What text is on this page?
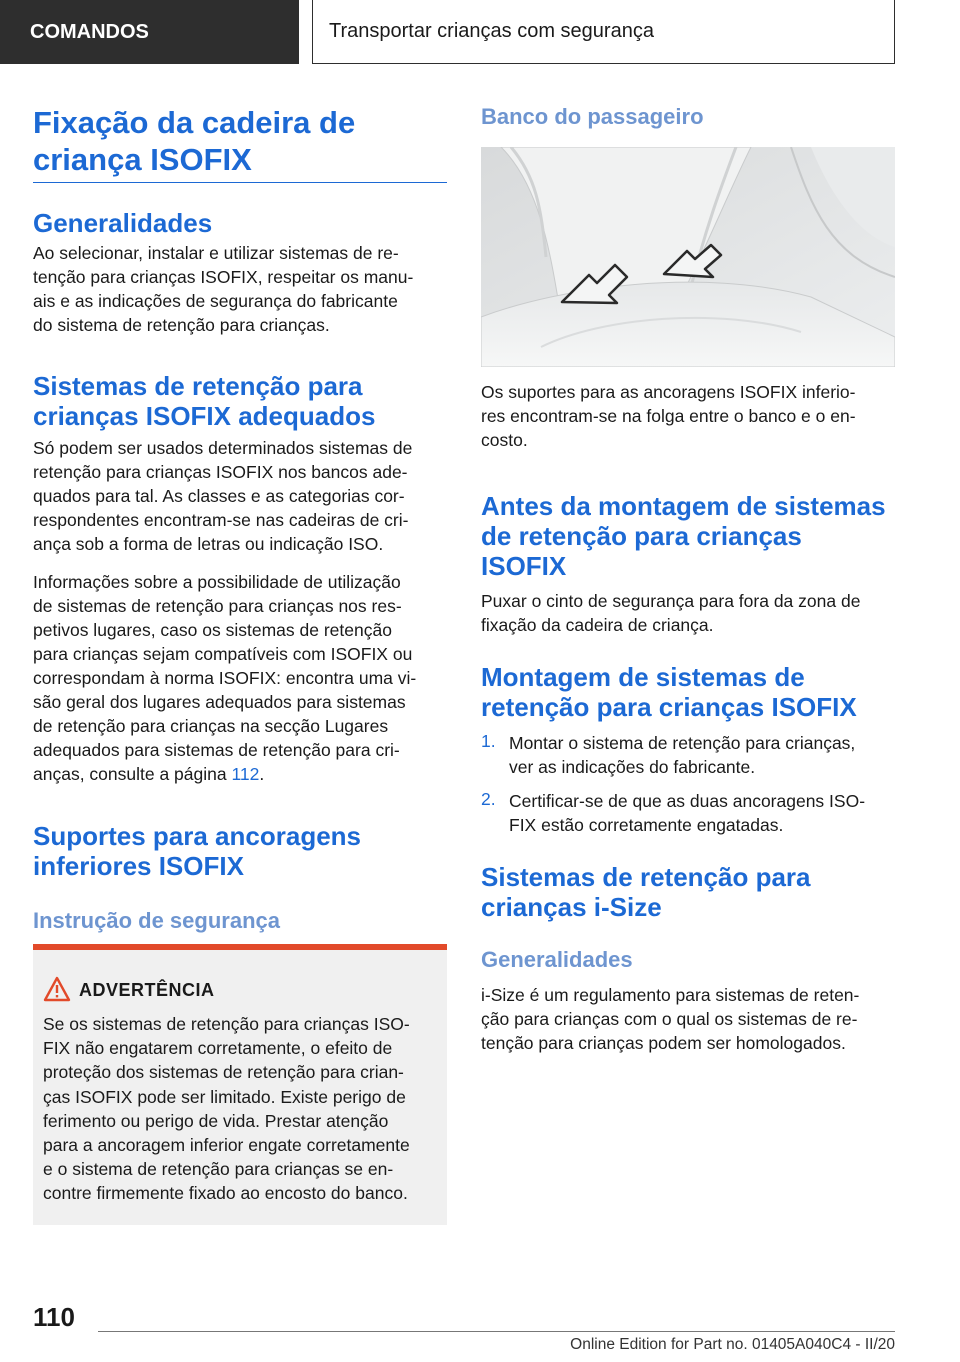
COMANDOS	Transportar crianças com segurança
Fixação da cadeira de
criança ISOFIX
Generalidades
Ao selecionar, instalar e utilizar sistemas de re-
tenção para crianças ISOFIX, respeitar os manu-
ais e as indicações de segurança do fabricante
do sistema de retenção para crianças.
Sistemas de retenção para
crianças ISOFIX adequados
Só podem ser usados determinados sistemas de
retenção para crianças ISOFIX nos bancos ade-
quados para tal. As classes e as categorias cor-
respondentes encontram-se nas cadeiras de cri-
ança sob a forma de letras ou indicação ISO.
Informações sobre a possibilidade de utilização
de sistemas de retenção para crianças nos res-
petivos lugares, caso os sistemas de retenção
para crianças sejam compatíveis com ISOFIX ou
correspondam à norma ISOFIX: encontra uma vi-
são geral dos lugares adequados para sistemas
de retenção para crianças na secção Lugares
adequados para sistemas de retenção para cri-
anças, consulte a página 112.
Suportes para ancoragens
inferiores ISOFIX
Instrução de segurança
ADVERTÊNCIA
Se os sistemas de retenção para crianças ISO-
FIX não engatarem corretamente, o efeito de
proteção dos sistemas de retenção para crian-
ças ISOFIX pode ser limitado. Existe perigo de
ferimento ou perigo de vida. Prestar atenção
para a ancoragem inferior engate corretamente
e o sistema de retenção para crianças se en-
contre firmemente fixado ao encosto do banco.
Banco do passageiro
Os suportes para as ancoragens ISOFIX inferio-
res encontram-se na folga entre o banco e o en-
costo.
Antes da montagem de sistemas
de retenção para crianças
ISOFIX
Puxar o cinto de segurança para fora da zona de
fixação da cadeira de criança.
Montagem de sistemas de
retenção para crianças ISOFIX
1. Montar o sistema de retenção para crianças,
ver as indicações do fabricante.
2. Certificar-se de que as duas ancoragens ISO-
FIX estão corretamente engatadas.
Sistemas de retenção para
crianças i-Size
Generalidades
i-Size é um regulamento para sistemas de reten-
ção para crianças com o qual os sistemas de re-
tenção para crianças podem ser homologados.
110
Online Edition for Part no. 01405A040C4 - II/20
